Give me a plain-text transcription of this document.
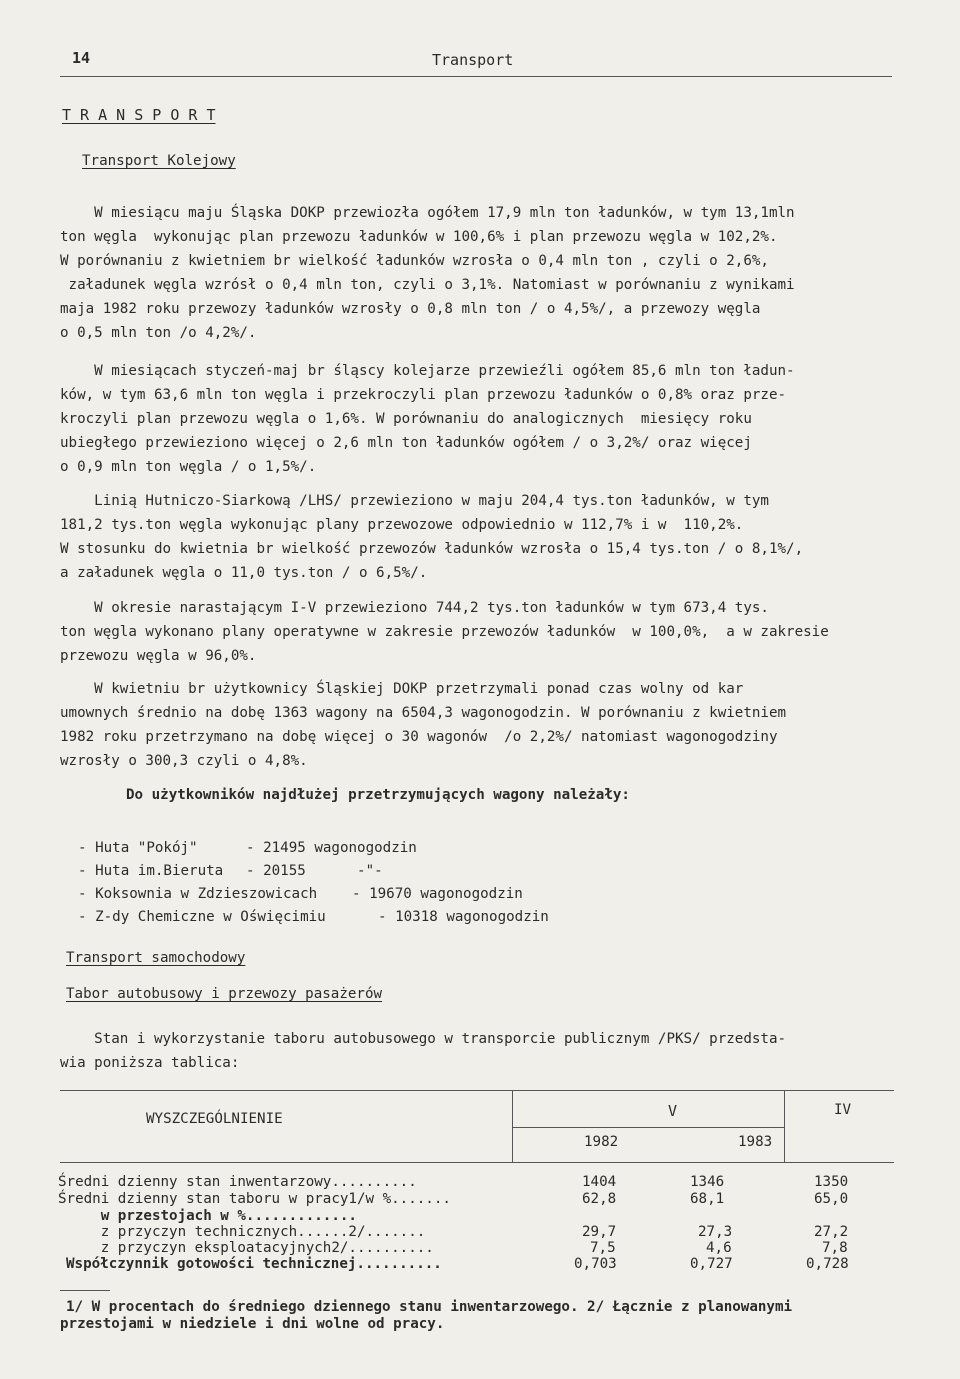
14	Transport
T R A N S P O R T
Transport Kolejowy
W miesiącu maju Śląska DOKP przewiozła ogółem 17,9 mln ton ładunków, w tym 13,1mln
ton węgla  wykonując plan przewozu ładunków w 100,6% i plan przewozu węgla w 102,2%.
W porównaniu z kwietniem br wielkość ładunków wzrosła o 0,4 mln ton , czyli o 2,6%,
załadunek węgla wzrósł o 0,4 mln ton, czyli o 3,1%. Natomiast w porównaniu z wynikami
maja 1982 roku przewozy ładunków wzrosły o 0,8 mln ton / o 4,5%/, a przewozy węgla
o 0,5 mln ton /o 4,2%/.
W miesiącach styczeń-maj br śląscy kolejarze przewieźli ogółem 85,6 mln ton ładun-
ków, w tym 63,6 mln ton węgla i przekroczyli plan przewozu ładunków o 0,8% oraz prze-
kroczyli plan przewozu węgla o 1,6%. W porównaniu do analogicznych  miesięcy roku
ubiegłego przewieziono więcej o 2,6 mln ton ładunków ogółem / o 3,2%/ oraz więcej
o 0,9 mln ton węgla / o 1,5%/.
Linią Hutniczo-Siarkową /LHS/ przewieziono w maju 204,4 tys.ton ładunków, w tym
181,2 tys.ton węgla wykonując plany przewozowe odpowiednio w 112,7% i w  110,2%.
W stosunku do kwietnia br wielkość przewozów ładunków wzrosła o 15,4 tys.ton / o 8,1%/,
a załadunek węgla o 11,0 tys.ton / o 6,5%/.
W okresie narastającym I-V przewieziono 744,2 tys.ton ładunków w tym 673,4 tys.
ton węgla wykonano plany operatywne w zakresie przewozów ładunków  w 100,0%,  a w zakresie
przewozu węgla w 96,0%.
W kwietniu br użytkownicy Śląskiej DOKP przetrzymali ponad czas wolny od kar
umownych średnio na dobę 1363 wagony na 6504,3 wagonogodzin. W porównaniu z kwietniem
1982 roku przetrzymano na dobę więcej o 30 wagonów  /o 2,2%/ natomiast wagonogodziny
wzrosły o 300,3 czyli o 4,8%.
Do użytkowników najdłużej przetrzymujących wagony należały:
- Huta "Pokój"	- 21495 wagonogodzin
- Huta im.Bieruta - 20155      -"-
- Koksownia w Zdzieszowicach - 19670 wagonogodzin
- Z-dy Chemiczne w Oświęcimiu	- 10318 wagonogodzin
Transport samochodowy
Tabor autobusowy i przewozy pasażerów
Stan i wykorzystanie taboru autobusowego w transporcie publicznym /PKS/ przedsta-
wia poniższa tablica:
WYSZCZEGÓLNIENIE	V	IV
1982	1983
Średni dzienny stan inwentarzowy..........	1404	1346	1350
Średni dzienny stan taboru w pracy1/w %.......	62,8	68,1	65,0
w przestojach w %.............
z przyczyn technicznych......2/.......	29,7	27,3	27,2
z przyczyn eksploatacyjnych2/..........	7,5	4,6	7,8
Współczynnik gotowości technicznej..........	0,703	0,727	0,728
1/ W procentach do średniego dziennego stanu inwentarzowego. 2/ Łącznie z planowanymi
przestojami w niedziele i dni wolne od pracy.
